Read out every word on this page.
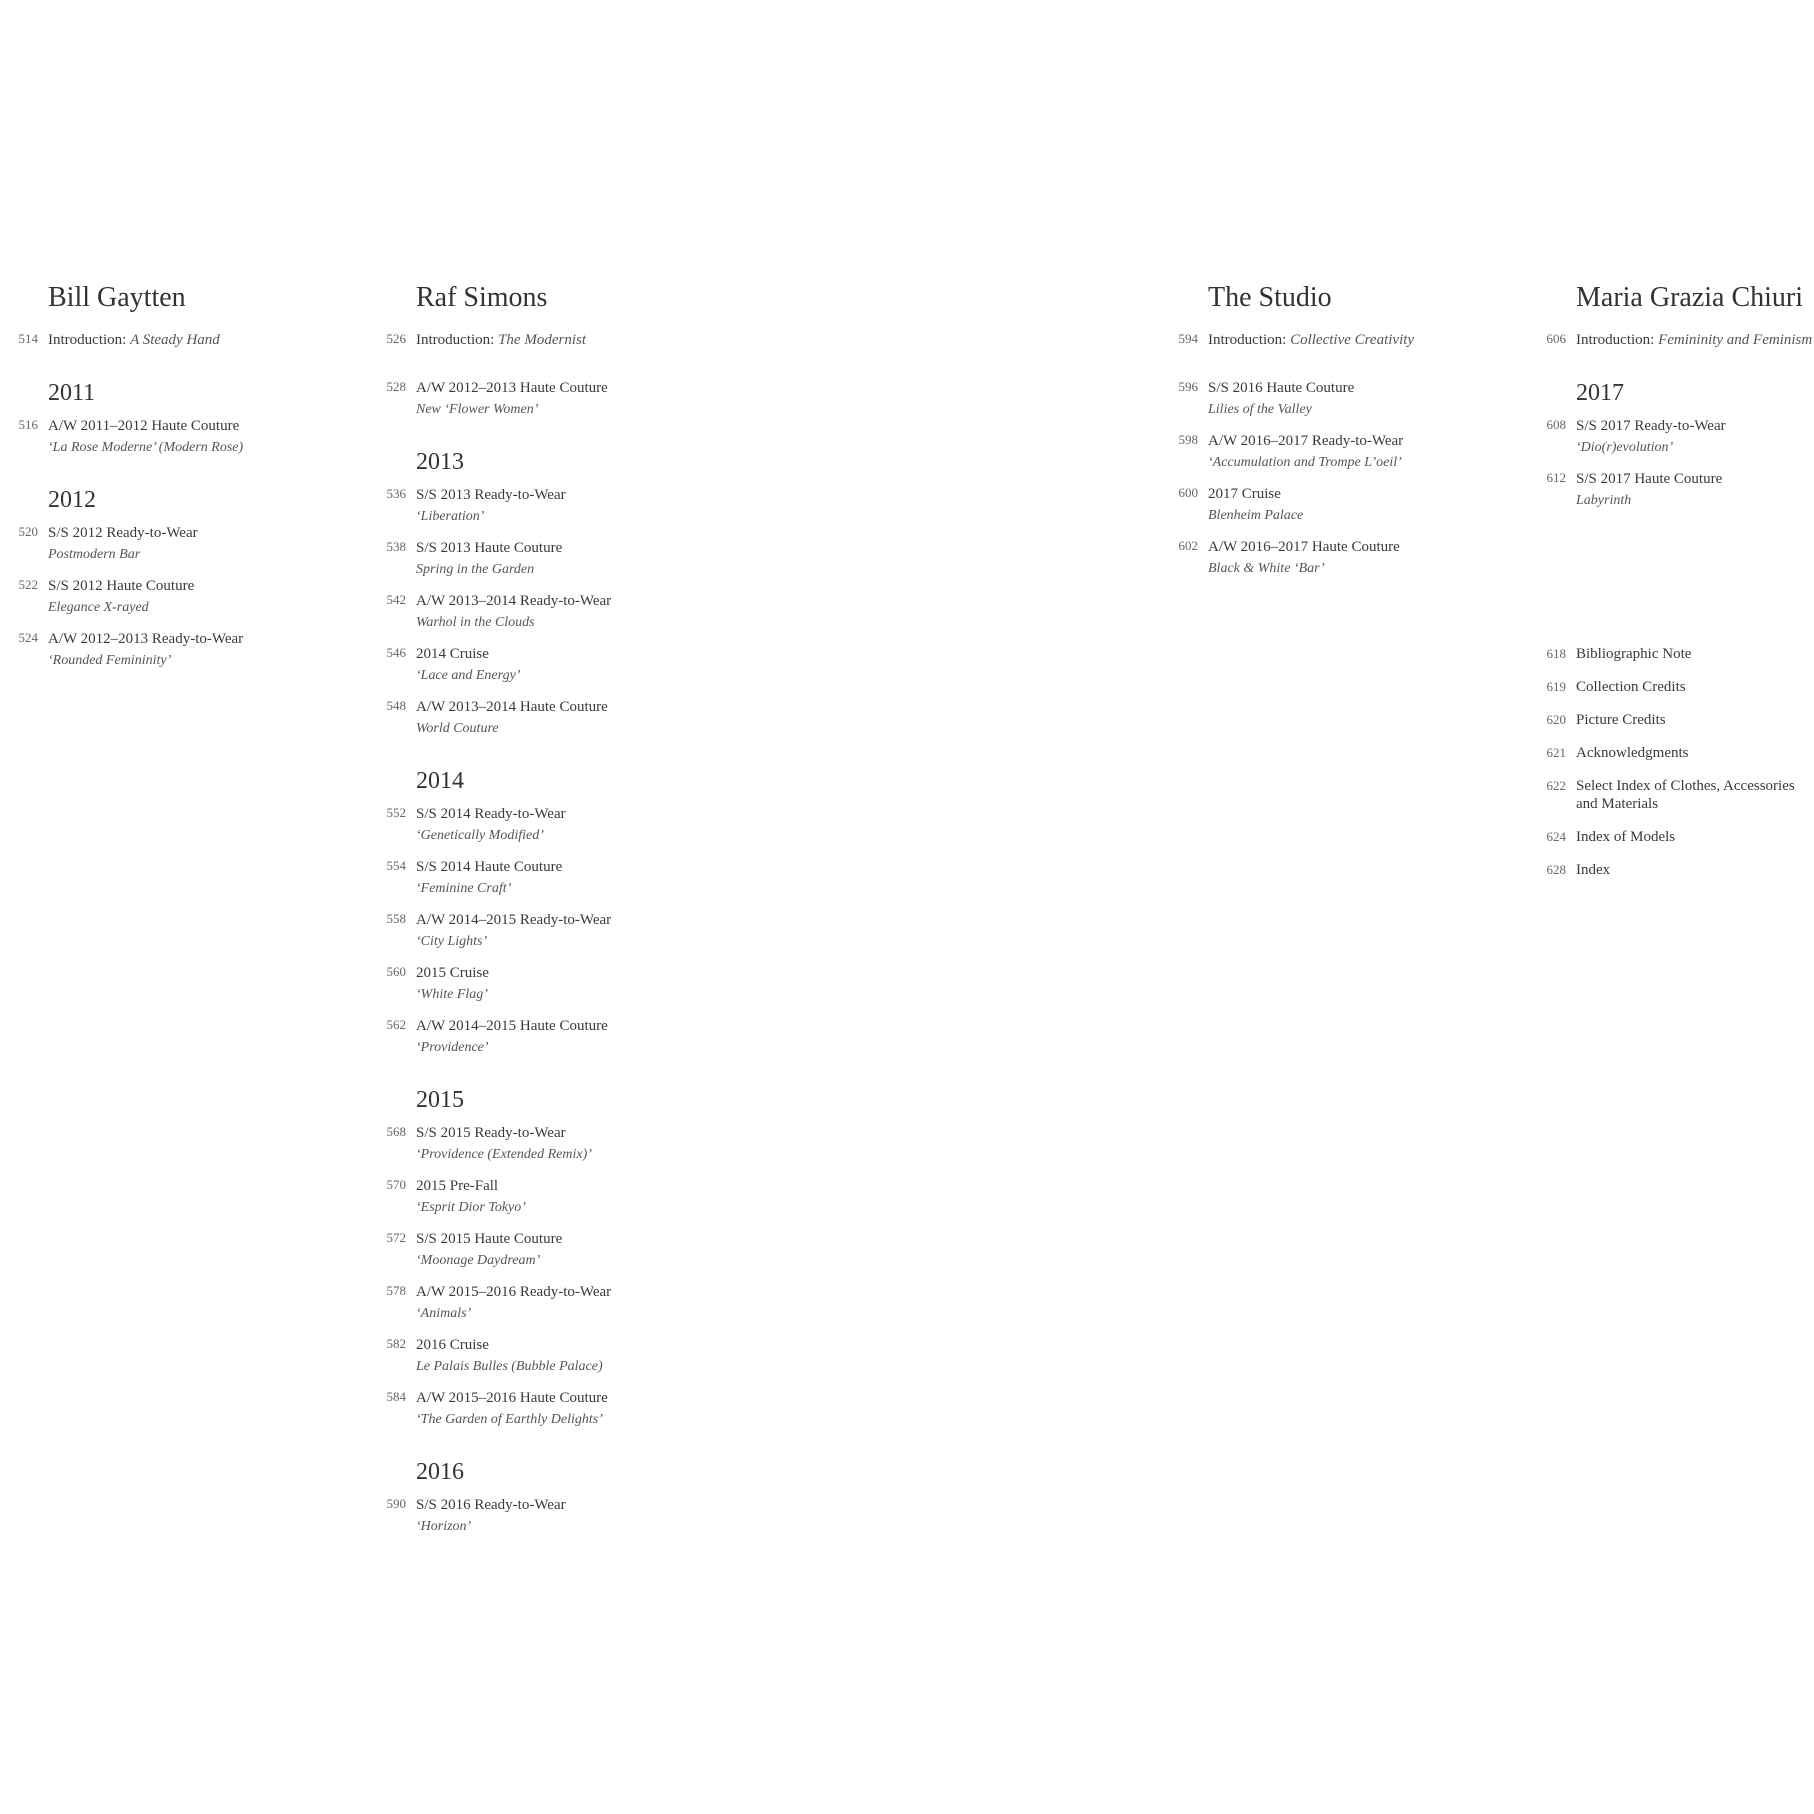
Bill Gaytten
514 Introduction: A Steady Hand
2011
516 A/W 2011–2012 Haute Couture
‘La Rose Moderne’ (Modern Rose)
2012
520 S/S 2012 Ready-to-Wear
Postmodern Bar
522 S/S 2012 Haute Couture
Elegance X-rayed
524 A/W 2012–2013 Ready-to-Wear
‘Rounded Femininity’
Raf Simons
526 Introduction: The Modernist
528 A/W 2012–2013 Haute Couture
New ‘Flower Women’
2013
536 S/S 2013 Ready-to-Wear
‘Liberation’
538 S/S 2013 Haute Couture
Spring in the Garden
542 A/W 2013–2014 Ready-to-Wear
Warhol in the Clouds
546 2014 Cruise
‘Lace and Energy’
548 A/W 2013–2014 Haute Couture
World Couture
2014
552 S/S 2014 Ready-to-Wear
‘Genetically Modified’
554 S/S 2014 Haute Couture
‘Feminine Craft’
558 A/W 2014–2015 Ready-to-Wear
‘City Lights’
560 2015 Cruise
‘White Flag’
562 A/W 2014–2015 Haute Couture
‘Providence’
2015
568 S/S 2015 Ready-to-Wear
‘Providence (Extended Remix)’
570 2015 Pre-Fall
‘Esprit Dior Tokyo’
572 S/S 2015 Haute Couture
‘Moonage Daydream’
578 A/W 2015–2016 Ready-to-Wear
‘Animals’
582 2016 Cruise
Le Palais Bulles (Bubble Palace)
584 A/W 2015–2016 Haute Couture
‘The Garden of Earthly Delights’
2016
590 S/S 2016 Ready-to-Wear
‘Horizon’
The Studio
594 Introduction: Collective Creativity
596 S/S 2016 Haute Couture
Lilies of the Valley
598 A/W 2016–2017 Ready-to-Wear
‘Accumulation and Trompe L’oeil’
600 2017 Cruise
Blenheim Palace
602 A/W 2016–2017 Haute Couture
Black & White ‘Bar’
Maria Grazia Chiuri
606 Introduction: Femininity and Feminism
2017
608 S/S 2017 Ready-to-Wear
‘Dio(r)evolution’
612 S/S 2017 Haute Couture
Labyrinth
618 Bibliographic Note
619 Collection Credits
620 Picture Credits
621 Acknowledgments
622 Select Index of Clothes, Accessories and Materials
624 Index of Models
628 Index
